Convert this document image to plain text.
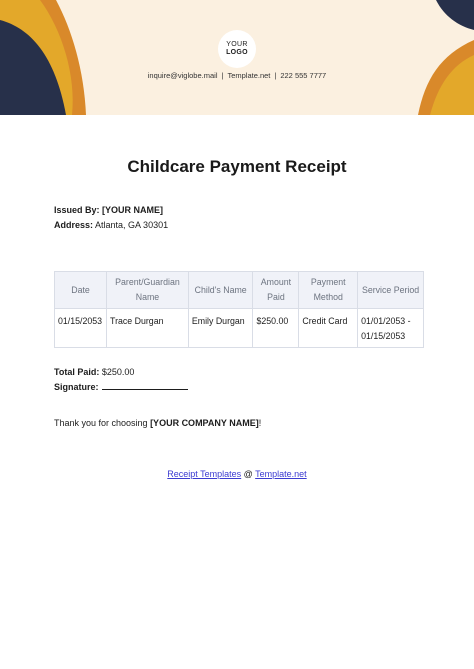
YOUR
LOGO
inquire@viglobe.mail | Template.net | 222 555 7777
Childcare Payment Receipt
Issued By: [YOUR NAME]
Address: Atlanta, GA 30301
Date	Parent/Guardian Name	Child's Name	Amount Paid	Payment Method	Service Period
01/15/2053	Trace Durgan	Emily Durgan	$250.00	Credit Card	01/01/2053 - 01/15/2053
Total Paid: $250.00
Signature:
Thank you for choosing [YOUR COMPANY NAME]!
Receipt Templates @ Template.net
